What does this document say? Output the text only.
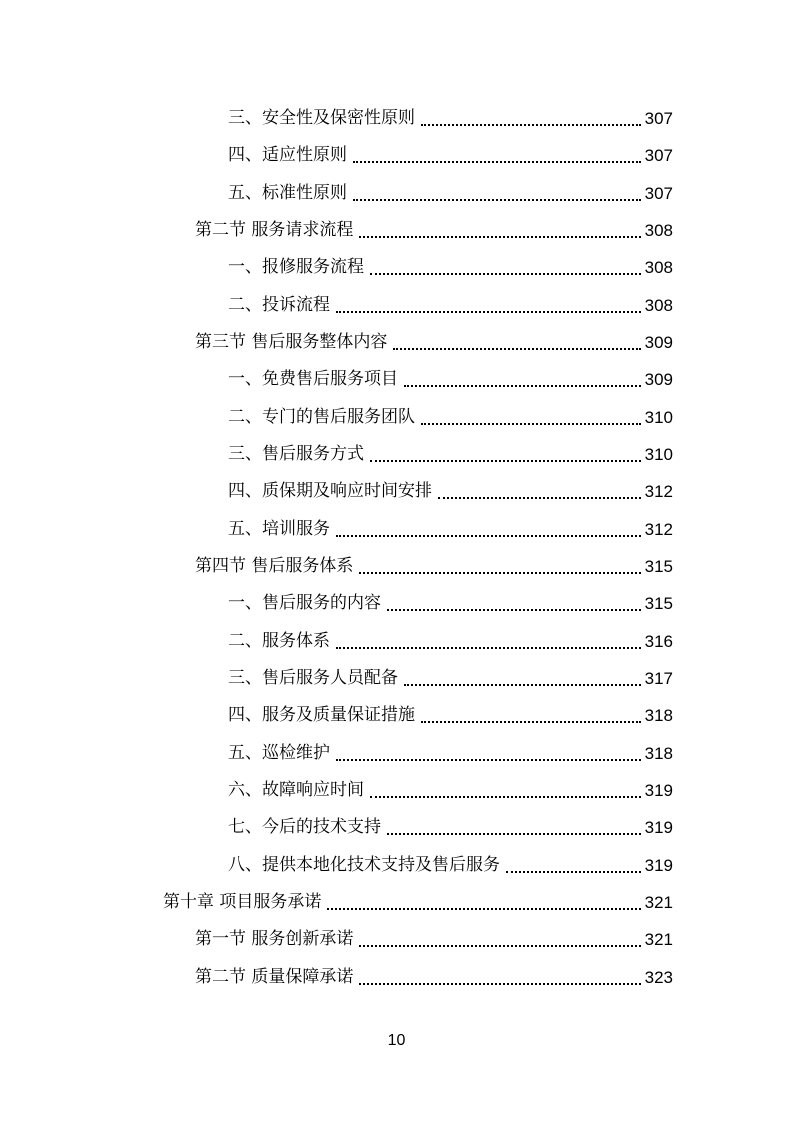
三、安全性及保密性原则	307
四、适应性原则	307
五、标准性原则	307
第二节 服务请求流程	308
一、报修服务流程	308
二、投诉流程	308
第三节 售后服务整体内容	309
一、免费售后服务项目	309
二、专门的售后服务团队	310
三、售后服务方式	310
四、质保期及响应时间安排	312
五、培训服务	312
第四节 售后服务体系	315
一、售后服务的内容	315
二、服务体系	316
三、售后服务人员配备	317
四、服务及质量保证措施	318
五、巡检维护	318
六、故障响应时间	319
七、今后的技术支持	319
八、提供本地化技术支持及售后服务	319
第十章 项目服务承诺	321
第一节 服务创新承诺	321
第二节 质量保障承诺	323
10
